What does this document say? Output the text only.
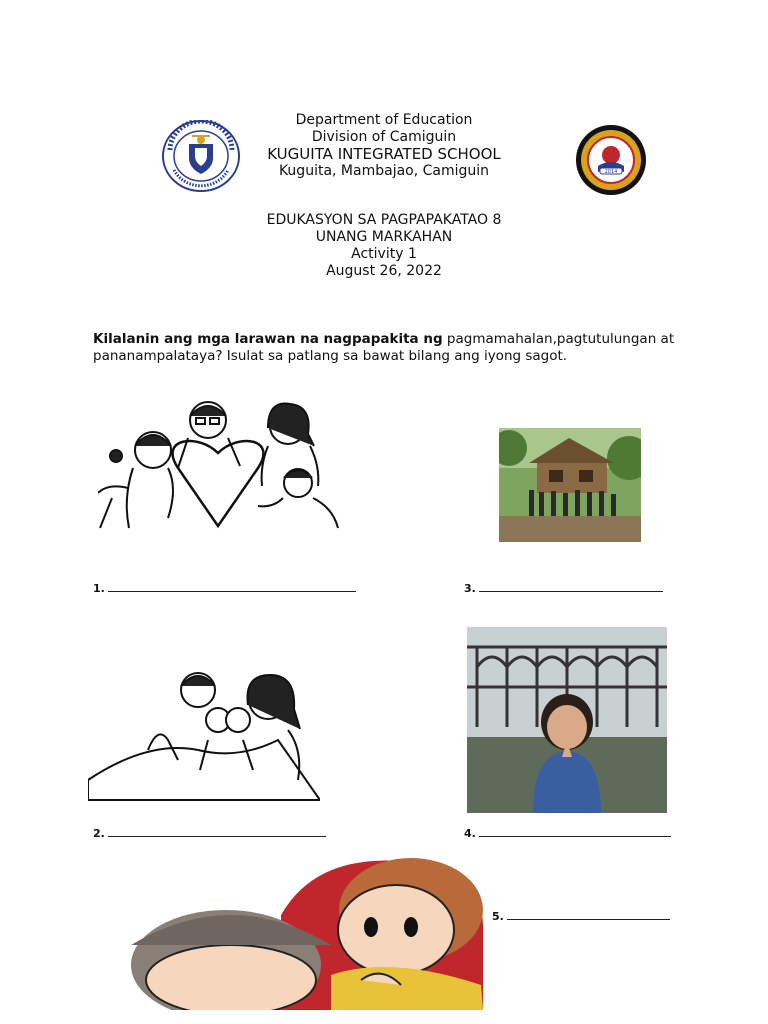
2014
Department of Education
Division of Camiguin
KUGUITA INTEGRATED SCHOOL
Kuguita, Mambajao, Camiguin
EDUKASYON SA PAGPAPAKATAO 8
UNANG MARKAHAN
Activity 1
August 26, 2022
Kilalanin ang mga larawan na nagpapakita ng pagmamahalan,pagtutulungan at pananampalataya? Isulat sa patlang sa bawat bilang ang iyong sagot.
1.	3.
2.	4.
5.
